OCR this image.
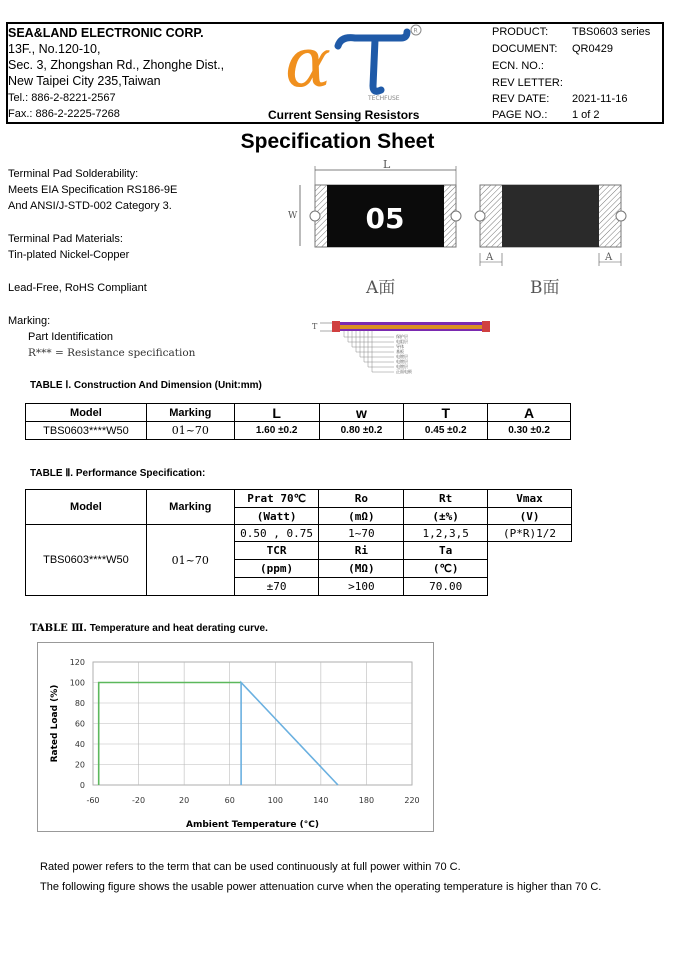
SEA&LAND ELECTRONIC CORP.
13F., No.120-10,
Sec. 3, Zhongshan Rd., Zhonghe Dist.,
New Taipei City 235,Taiwan
Tel.: 886-2-8221-2567
Fax.: 886-2-2225-7268
α	R
TECHFUSE
Current Sensing Resistors
PRODUCT: TBS0603 series
DOCUMENT: QR0429
ECN. NO.:
REV LETTER:
REV DATE: 2021-11-16
PAGE NO.: 1 of 2
Specification Sheet
Terminal Pad Solderability:
Meets EIA Specification RS186-9E
And ANSI/J-STD-002 Category 3.
Terminal Pad Materials:
Tin-plated Nickel-Copper
Lead-Free, RoHS Compliant
Marking:
Part Identification
R*** = Resistance specification
L
W 05
A	A
A面	B面
T
保护层
电阻层
导体
基板
电镀层
电镀层
电镀层
正面电极
TABLE Ⅰ. Construction And Dimension (Unit:mm)
Model	Marking	L	w	T	A
TBS0603****W50	01~70	1.60 ±0.2	0.80 ±0.2	0.45 ±0.2	0.30 ±0.2
TABLE Ⅱ. Performance Specification:
Model	Marking	Prat 70℃	Ro	Rt	Vmax
		(Watt)	(mΩ)	(±%)	(V)
TBS0603****W50	01~70	0.50 , 0.75	1~70	1,2,3,5	(P*R)1/2
		TCR	Ri	Ta	
		(ppm)	(MΩ)	(℃)	
		±70	>100	70.00	
TABLE Ⅲ. Temperature and heat derating curve.
0
20
40
60
80
100
120
-60	-20	20	60	100	140	180	220
Ambient Temperature (°C)
Rated Load (%)
Rated power refers to the term that can be used continuously at full power within 70 C.
The following figure shows the usable power attenuation curve when the operating temperature is higher than 70 C.
